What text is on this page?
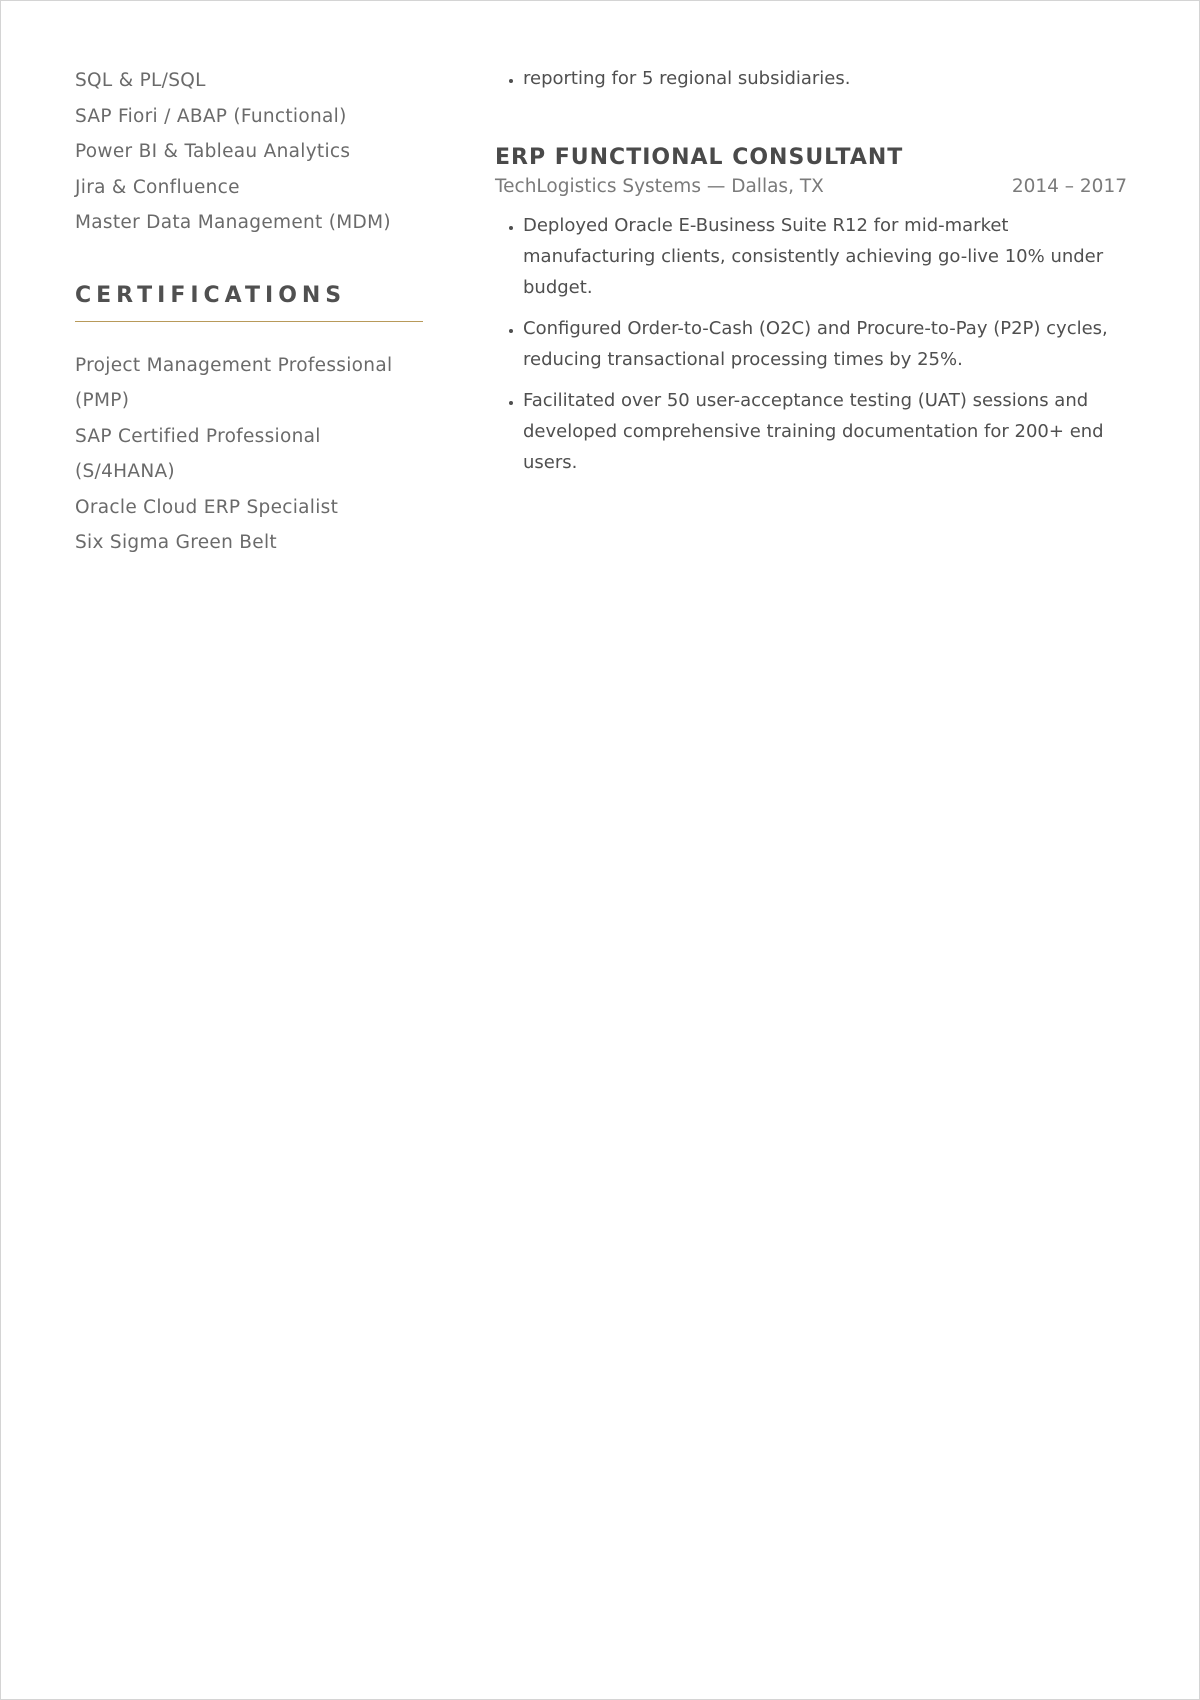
SQL & PL/SQL
SAP Fiori / ABAP (Functional)
Power BI & Tableau Analytics
Jira & Confluence
Master Data Management (MDM)
CERTIFICATIONS
Project Management Professional (PMP)
SAP Certified Professional (S/4HANA)
Oracle Cloud ERP Specialist
Six Sigma Green Belt
• reporting for 5 regional subsidiaries.
ERP FUNCTIONAL CONSULTANT
TechLogistics Systems — Dallas, TX	2014 – 2017
• Deployed Oracle E-Business Suite R12 for mid-market manufacturing clients, consistently achieving go-live 10% under budget.
• Configured Order-to-Cash (O2C) and Procure-to-Pay (P2P) cycles, reducing transactional processing times by 25%.
• Facilitated over 50 user-acceptance testing (UAT) sessions and developed comprehensive training documentation for 200+ end users.
